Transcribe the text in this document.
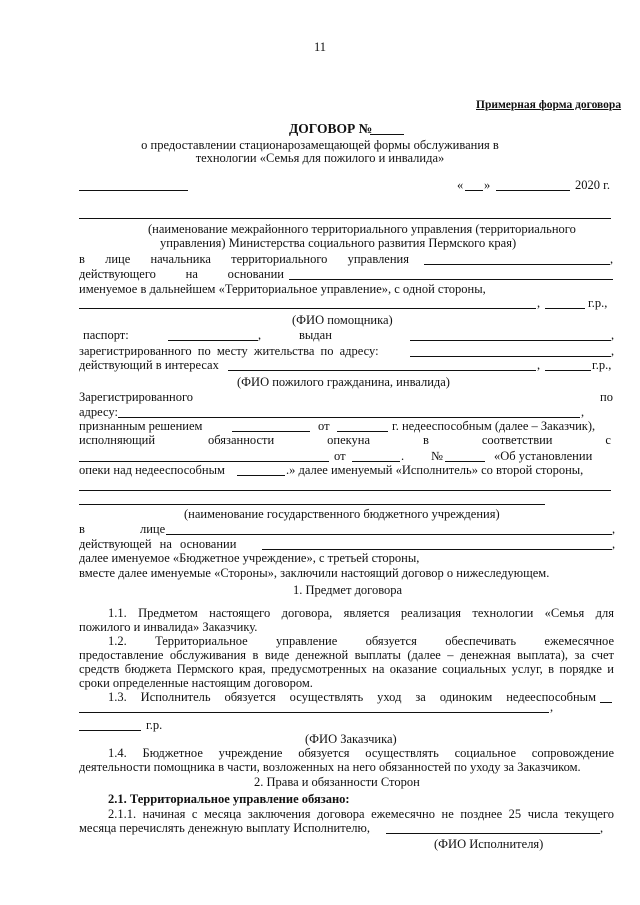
11
Примерная форма договора
ДОГОВОР №
о предоставлении стационарозамещающей формы обслуживания в
технологии «Семья для пожилого и инвалида»
« »	2020 г.
(наименование межрайонного территориального управления (территориального
управления) Министерства социального развития Пермского края)
в лице начальника территориального управления	,
действующего на основании
именуемое в дальнейшем «Территориальное управление», с одной стороны,
,	г.р.,
(ФИО помощника)
паспорт:	,	выдан	,
зарегистрированного по месту жительства по адресу:	,
действующий в интересах	,	г.р.,
(ФИО пожилого гражданина, инвалида)
Зарегистрированного	по
адресу:	,
признанным решением	от	г. недееспособным (далее – Заказчик),
исполняющий обязанности опекуна в соответствии с
от	. №	«Об установлении
опеки над недееспособным	.» далее именуемый «Исполнитель» со второй стороны,
(наименование государственного бюджетного учреждения)
в	лице	,
действующей на основании	,
далее именуемое «Бюджетное учреждение», с третьей стороны,
вместе далее именуемые «Стороны», заключили настоящий договор о нижеследующем.
1. Предмет договора
1.1. Предметом настоящего договора, является реализация технологии «Семья для
пожилого и инвалида» Заказчику.
1.2. Территориальное управление обязуется обеспечивать ежемесячное
предоставление обслуживания в виде денежной выплаты (далее – денежная выплата), за счет
средств бюджета Пермского края, предусмотренных на оказание социальных услуг, в порядке и
сроки определенные настоящим договором.
1.3. Исполнитель обязуется осуществлять уход за одиноким недееспособным
,
г.р.
(ФИО Заказчика)
1.4. Бюджетное учреждение обязуется осуществлять социальное сопровождение
деятельности помощника в части, возложенных на него обязанностей по уходу за Заказчиком.
2. Права и обязанности Сторон
2.1. Территориальное управление обязано:
2.1.1. начиная с месяца заключения договора ежемесячно не позднее 25 числа текущего
месяца перечислять денежную выплату Исполнителю,	,
(ФИО Исполнителя)
